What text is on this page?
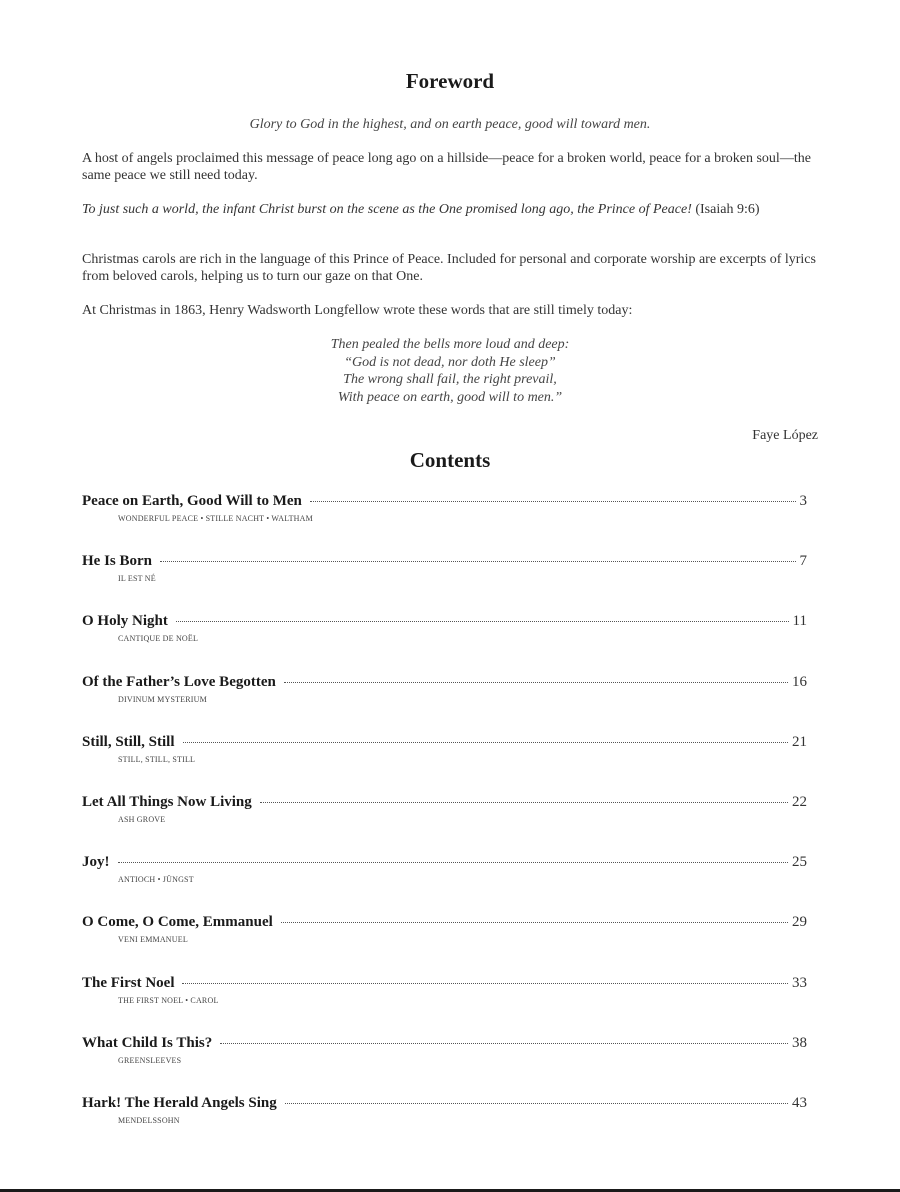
Foreword
Glory to God in the highest, and on earth peace, good will toward men.

A host of angels proclaimed this message of peace long ago on a hillside—peace for a broken world, peace for a broken soul—the same peace we still need today.

To just such a world, the infant Christ burst on the scene as the One promised long ago, the Prince of Peace! (Isaiah 9:6)

Christmas carols are rich in the language of this Prince of Peace. Included for personal and corporate worship are excerpts of lyrics from beloved carols, helping us to turn our gaze on that One.

At Christmas in 1863, Henry Wadsworth Longfellow wrote these words that are still timely today:

Then pealed the bells more loud and deep:
“God is not dead, nor doth He sleep”
The wrong shall fail, the right prevail,
With peace on earth, good will to men.”
Faye López
Contents
Peace on Earth, Good Will to Men	3
WONDERFUL PEACE • STILLE NACHT • WALTHAM
He Is Born	7
IL EST NÉ
O Holy Night	11
CANTIQUE DE NOËL
Of the Father’s Love Begotten	16
DIVINUM MYSTERIUM
Still, Still, Still	21
STILL, STILL, STILL
Let All Things Now Living	22
ASH GROVE
Joy!	25
ANTIOCH • JÜNGST
O Come, O Come, Emmanuel	29
VENI EMMANUEL
The First Noel	33
THE FIRST NOEL • CAROL
What Child Is This?	38
GREENSLEEVES
Hark! The Herald Angels Sing	43
MENDELSSOHN
